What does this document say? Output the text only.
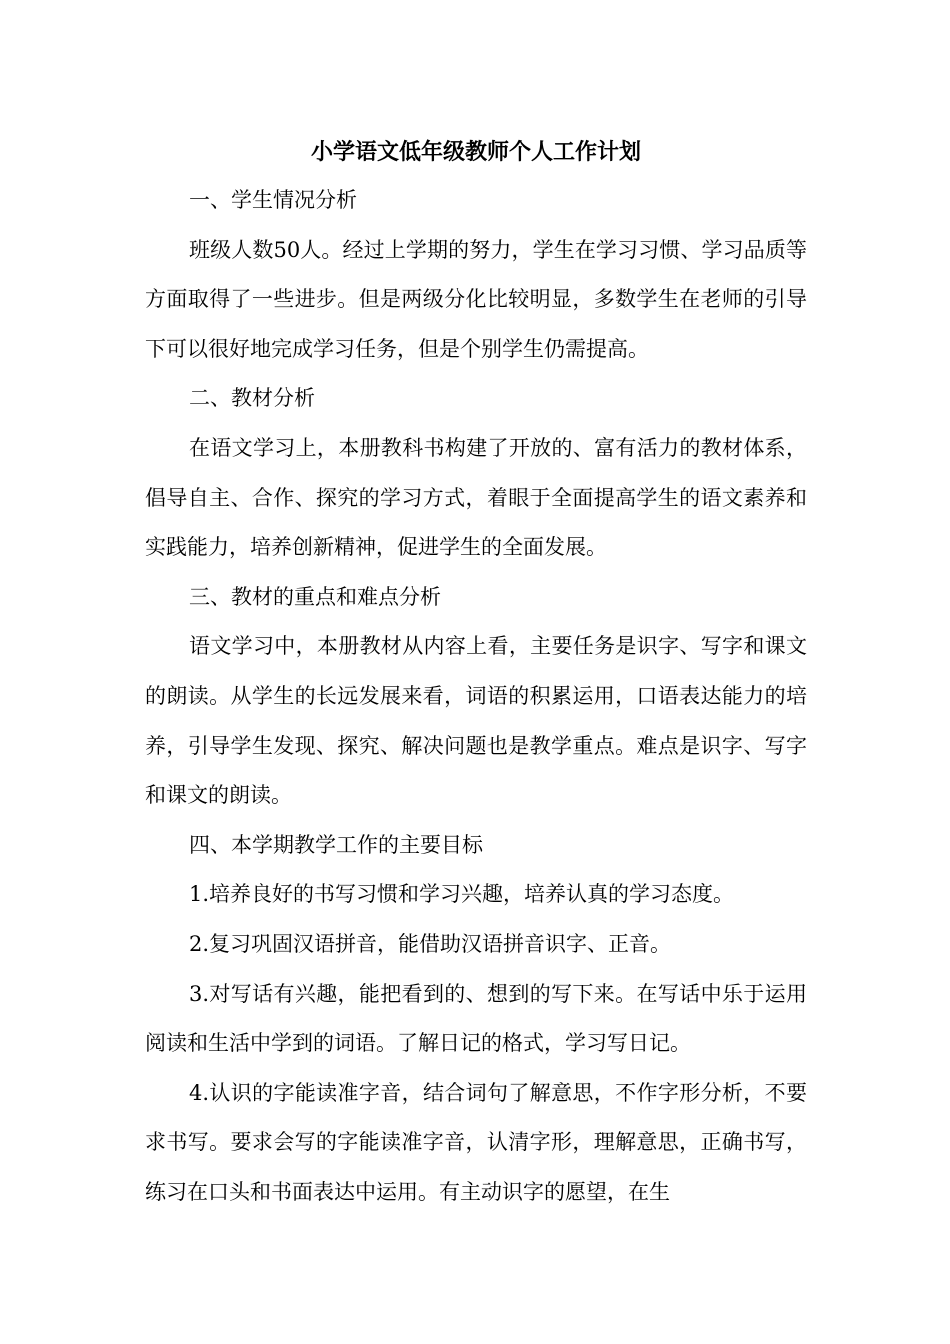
小学语文低年级教师个人工作计划

一、学生情况分析

班级人数50人。经过上学期的努力，学生在学习习惯、学习品质等方面取得了一些进步。但是两级分化比较明显，多数学生在老师的引导下可以很好地完成学习任务，但是个别学生仍需提高。

二、教材分析

在语文学习上，本册教科书构建了开放的、富有活力的教材体系，倡导自主、合作、探究的学习方式，着眼于全面提高学生的语文素养和实践能力，培养创新精神，促进学生的全面发展。

三、教材的重点和难点分析

语文学习中，本册教材从内容上看，主要任务是识字、写字和课文的朗读。从学生的长远发展来看，词语的积累运用，口语表达能力的培养，引导学生发现、探究、解决问题也是教学重点。难点是识字、写字和课文的朗读。

四、本学期教学工作的主要目标

1.培养良好的书写习惯和学习兴趣，培养认真的学习态度。

2.复习巩固汉语拼音，能借助汉语拼音识字、正音。

3.对写话有兴趣，能把看到的、想到的写下来。在写话中乐于运用阅读和生活中学到的词语。了解日记的格式，学习写日记。

4.认识的字能读准字音，结合词句了解意思，不作字形分析，不要求书写。要求会写的字能读准字音，认清字形，理解意思，正确书写，练习在口头和书面表达中运用。有主动识字的愿望，在生
